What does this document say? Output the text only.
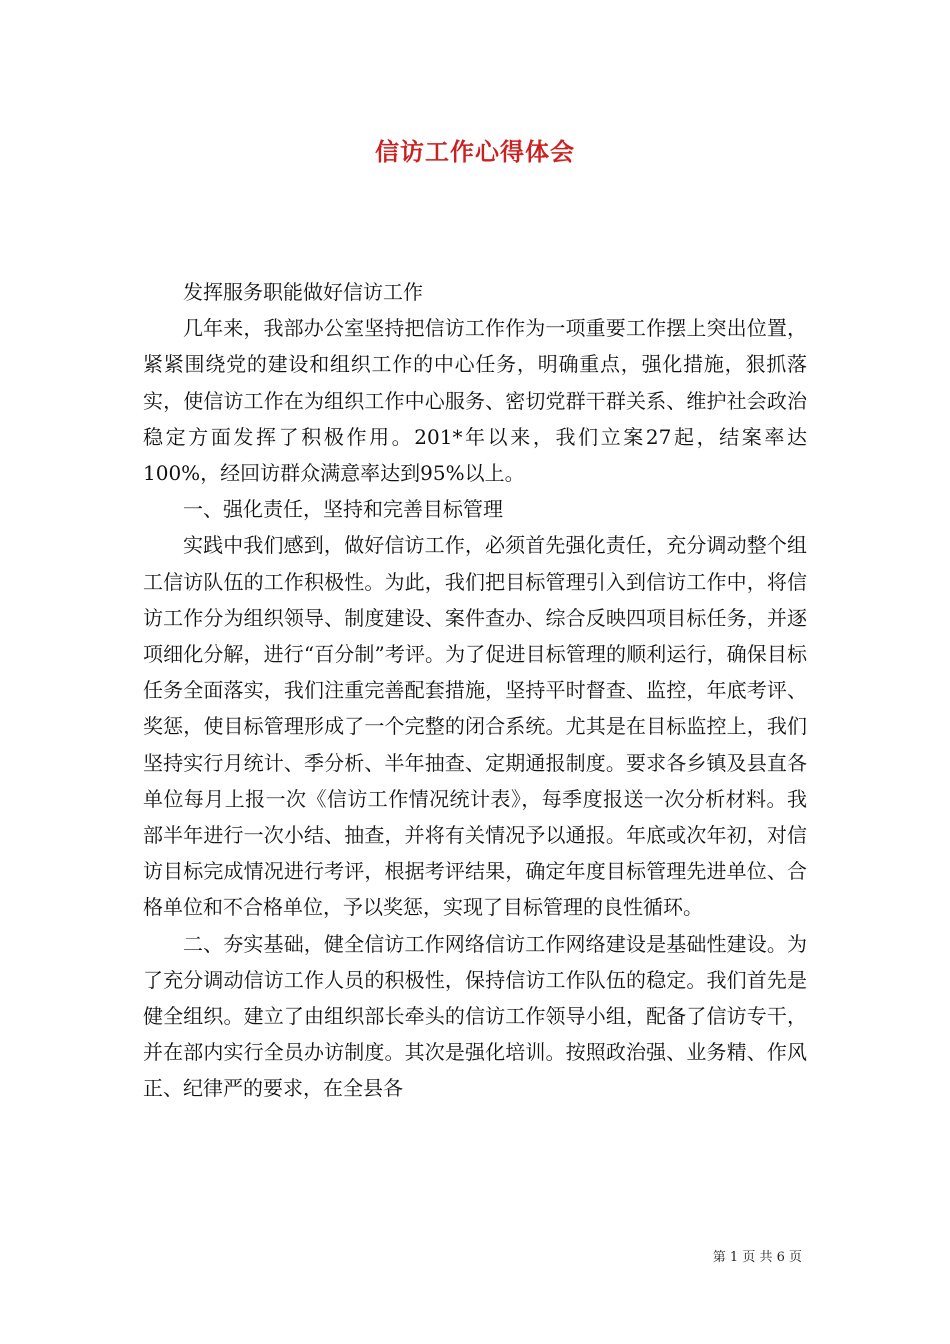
信访工作心得体会

发挥服务职能做好信访工作

几年来，我部办公室坚持把信访工作作为一项重要工作摆上突出位置，紧紧围绕党的建设和组织工作的中心任务，明确重点，强化措施，狠抓落实，使信访工作在为组织工作中心服务、密切党群干群关系、维护社会政治稳定方面发挥了积极作用。201*年以来，我们立案27起，结案率达100%，经回访群众满意率达到95%以上。

一、强化责任，坚持和完善目标管理

实践中我们感到，做好信访工作，必须首先强化责任，充分调动整个组工信访队伍的工作积极性。为此，我们把目标管理引入到信访工作中，将信访工作分为组织领导、制度建设、案件查办、综合反映四项目标任务，并逐项细化分解，进行“百分制”考评。为了促进目标管理的顺利运行，确保目标任务全面落实，我们注重完善配套措施，坚持平时督查、监控，年底考评、奖惩，使目标管理形成了一个完整的闭合系统。尤其是在目标监控上，我们坚持实行月统计、季分析、半年抽查、定期通报制度。要求各乡镇及县直各单位每月上报一次《信访工作情况统计表》，每季度报送一次分析材料。我部半年进行一次小结、抽查，并将有关情况予以通报。年底或次年初，对信访目标完成情况进行考评，根据考评结果，确定年度目标管理先进单位、合格单位和不合格单位，予以奖惩，实现了目标管理的良性循环。

二、夯实基础，健全信访工作网络信访工作网络建设是基础性建设。为了充分调动信访工作人员的积极性，保持信访工作队伍的稳定。我们首先是健全组织。建立了由组织部长牵头的信访工作领导小组，配备了信访专干，并在部内实行全员办访制度。其次是强化培训。按照政治强、业务精、作风正、纪律严的要求，在全县各

第 1 页 共 6 页
